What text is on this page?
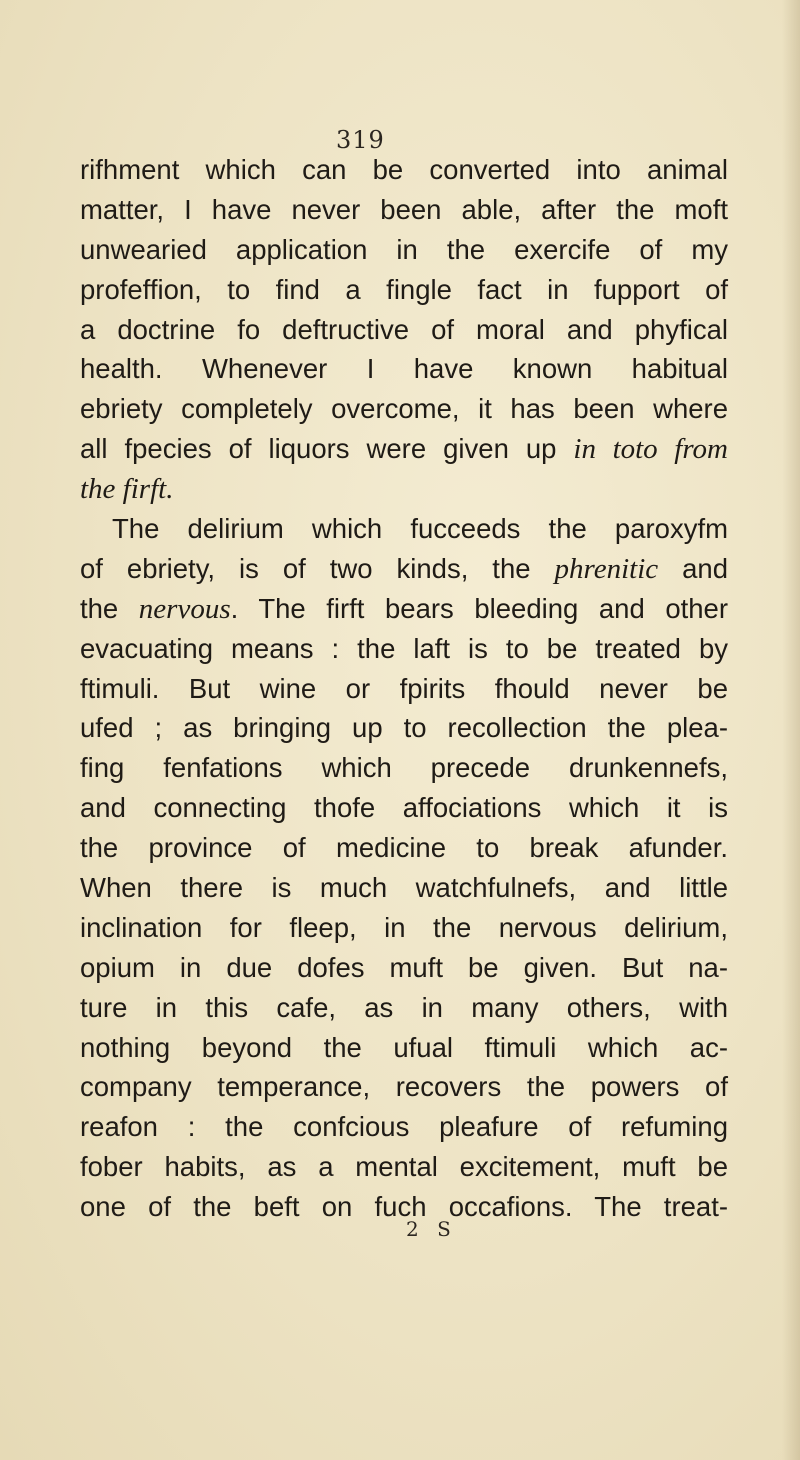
319
rifhment which can be converted into animal
matter, I have never been able, after the moft
unwearied application in the exercife of my
profeffion, to find a fingle fact in fupport of
a doctrine fo deftructive of moral and phyfical
health. Whenever I have known habitual
ebriety completely overcome, it has been where
all fpecies of liquors were given up in toto from
the firft.
The delirium which fucceeds the paroxyfm
of ebriety, is of two kinds, the phrenitic and
the nervous. The firft bears bleeding and other
evacuating means : the laft is to be treated by
ftimuli. But wine or fpirits fhould never be
ufed ; as bringing up to recollection the plea-
fing fenfations which precede drunkennefs,
and connecting thofe affociations which it is
the province of medicine to break afunder.
When there is much watchfulnefs, and little
inclination for fleep, in the nervous delirium,
opium in due dofes muft be given. But na-
ture in this cafe, as in many others, with
nothing beyond the ufual ftimuli which ac-
company temperance, recovers the powers of
reafon : the confcious pleafure of refuming
fober habits, as a mental excitement, muft be
one of the beft on fuch occafions. The treat-
2 S
